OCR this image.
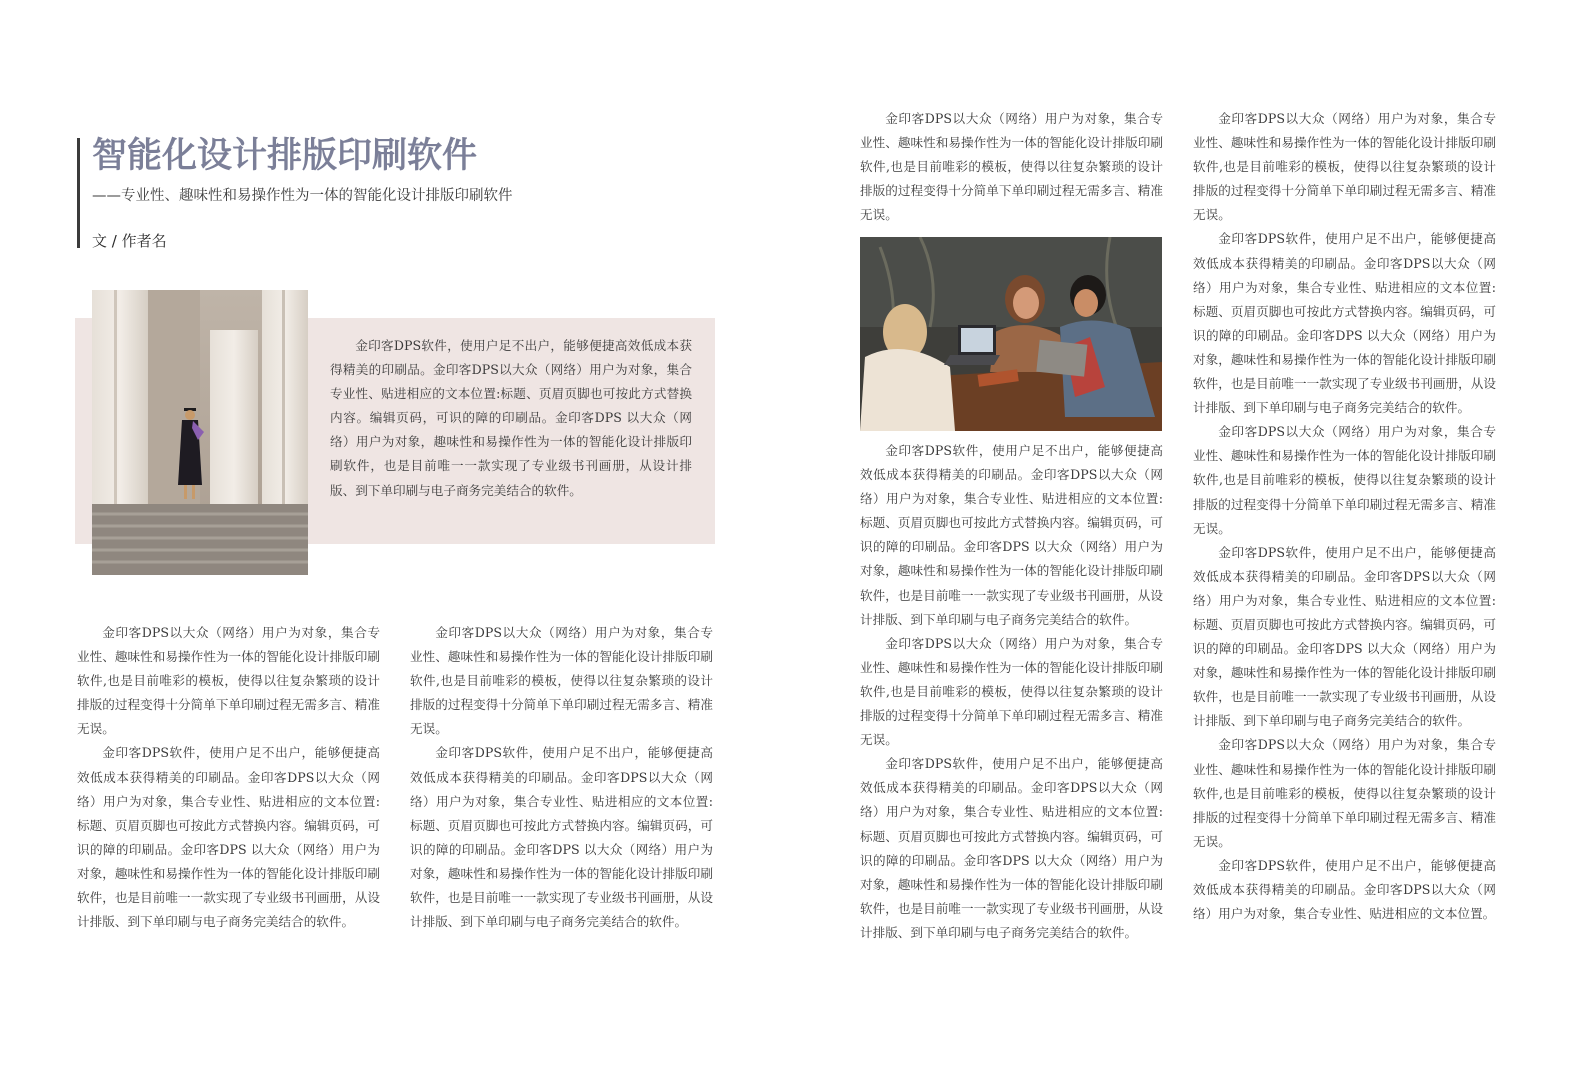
智能化设计排版印刷软件

——专业性、趣味性和易操作性为一体的智能化设计排版印刷软件

文 / 作者名

金印客DPS软件，使用户足不出户，能够便捷高效低成本获得精美的印刷品。金印客DPS以大众（网络）用户为对象，集合专业性、贴进相应的文本位置:标题、页眉页脚也可按此方式替换内容。编辑页码，可识的障的印刷品。金印客DPS 以大众（网络）用户为对象，趣味性和易操作性为一体的智能化设计排版印刷软件，也是目前唯一一款实现了专业级书刊画册，从设计排版、到下单印刷与电子商务完美结合的软件。

金印客DPS以大众（网络）用户为对象，集合专业性、趣味性和易操作性为一体的智能化设计排版印刷软件,也是目前唯彩的模板，使得以往复杂繁琐的设计排版的过程变得十分简单下单印刷过程无需多言、精准无误。

金印客DPS软件，使用户足不出户，能够便捷高效低成本获得精美的印刷品。金印客DPS以大众（网络）用户为对象，集合专业性、贴进相应的文本位置:标题、页眉页脚也可按此方式替换内容。编辑页码，可识的障的印刷品。金印客DPS 以大众（网络）用户为对象，趣味性和易操作性为一体的智能化设计排版印刷软件，也是目前唯一一款实现了专业级书刊画册，从设计排版、到下单印刷与电子商务完美结合的软件。

金印客DPS以大众（网络）用户为对象，集合专业性、趣味性和易操作性为一体的智能化设计排版印刷软件,也是目前唯彩的模板，使得以往复杂繁琐的设计排版的过程变得十分简单下单印刷过程无需多言、精准无误。

金印客DPS软件，使用户足不出户，能够便捷高效低成本获得精美的印刷品。金印客DPS以大众（网络）用户为对象，集合专业性、贴进相应的文本位置:标题、页眉页脚也可按此方式替换内容。编辑页码，可识的障的印刷品。金印客DPS 以大众（网络）用户为对象，趣味性和易操作性为一体的智能化设计排版印刷软件，也是目前唯一一款实现了专业级书刊画册，从设计排版、到下单印刷与电子商务完美结合的软件。

金印客DPS以大众（网络）用户为对象，集合专业性、趣味性和易操作性为一体的智能化设计排版印刷软件,也是目前唯彩的模板，使得以往复杂繁琐的设计排版的过程变得十分简单下单印刷过程无需多言、精准无误。

金印客DPS软件，使用户足不出户，能够便捷高效低成本获得精美的印刷品。金印客DPS以大众（网络）用户为对象，集合专业性、贴进相应的文本位置:标题、页眉页脚也可按此方式替换内容。编辑页码，可识的障的印刷品。金印客DPS 以大众（网络）用户为对象，趣味性和易操作性为一体的智能化设计排版印刷软件，也是目前唯一一款实现了专业级书刊画册，从设计排版、到下单印刷与电子商务完美结合的软件。

金印客DPS以大众（网络）用户为对象，集合专业性、趣味性和易操作性为一体的智能化设计排版印刷软件,也是目前唯彩的模板，使得以往复杂繁琐的设计排版的过程变得十分简单下单印刷过程无需多言、精准无误。

金印客DPS软件，使用户足不出户，能够便捷高效低成本获得精美的印刷品。金印客DPS以大众（网络）用户为对象，集合专业性、贴进相应的文本位置:标题、页眉页脚也可按此方式替换内容。编辑页码，可识的障的印刷品。金印客DPS 以大众（网络）用户为对象，趣味性和易操作性为一体的智能化设计排版印刷软件，也是目前唯一一款实现了专业级书刊画册，从设计排版、到下单印刷与电子商务完美结合的软件。

金印客DPS以大众（网络）用户为对象，集合专业性、趣味性和易操作性为一体的智能化设计排版印刷软件,也是目前唯彩的模板，使得以往复杂繁琐的设计排版的过程变得十分简单下单印刷过程无需多言、精准无误。

金印客DPS软件，使用户足不出户，能够便捷高效低成本获得精美的印刷品。金印客DPS以大众（网络）用户为对象，集合专业性、贴进相应的文本位置:标题、页眉页脚也可按此方式替换内容。编辑页码，可识的障的印刷品。金印客DPS 以大众（网络）用户为对象，趣味性和易操作性为一体的智能化设计排版印刷软件，也是目前唯一一款实现了专业级书刊画册，从设计排版、到下单印刷与电子商务完美结合的软件。

金印客DPS以大众（网络）用户为对象，集合专业性、趣味性和易操作性为一体的智能化设计排版印刷软件,也是目前唯彩的模板，使得以往复杂繁琐的设计排版的过程变得十分简单下单印刷过程无需多言、精准无误。

金印客DPS软件，使用户足不出户，能够便捷高效低成本获得精美的印刷品。金印客DPS以大众（网络）用户为对象，集合专业性、贴进相应的文本位置:标题、页眉页脚也可按此方式替换内容。编辑页码，可识的障的印刷品。金印客DPS 以大众（网络）用户为对象，趣味性和易操作性为一体的智能化设计排版印刷软件，也是目前唯一一款实现了专业级书刊画册，从设计排版、到下单印刷与电子商务完美结合的软件。

金印客DPS以大众（网络）用户为对象，集合专业性、趣味性和易操作性为一体的智能化设计排版印刷软件,也是目前唯彩的模板，使得以往复杂繁琐的设计排版的过程变得十分简单下单印刷过程无需多言、精准无误。

金印客DPS软件，使用户足不出户，能够便捷高效低成本获得精美的印刷品。金印客DPS以大众（网络）用户为对象，集合专业性、贴进相应的文本位置。
